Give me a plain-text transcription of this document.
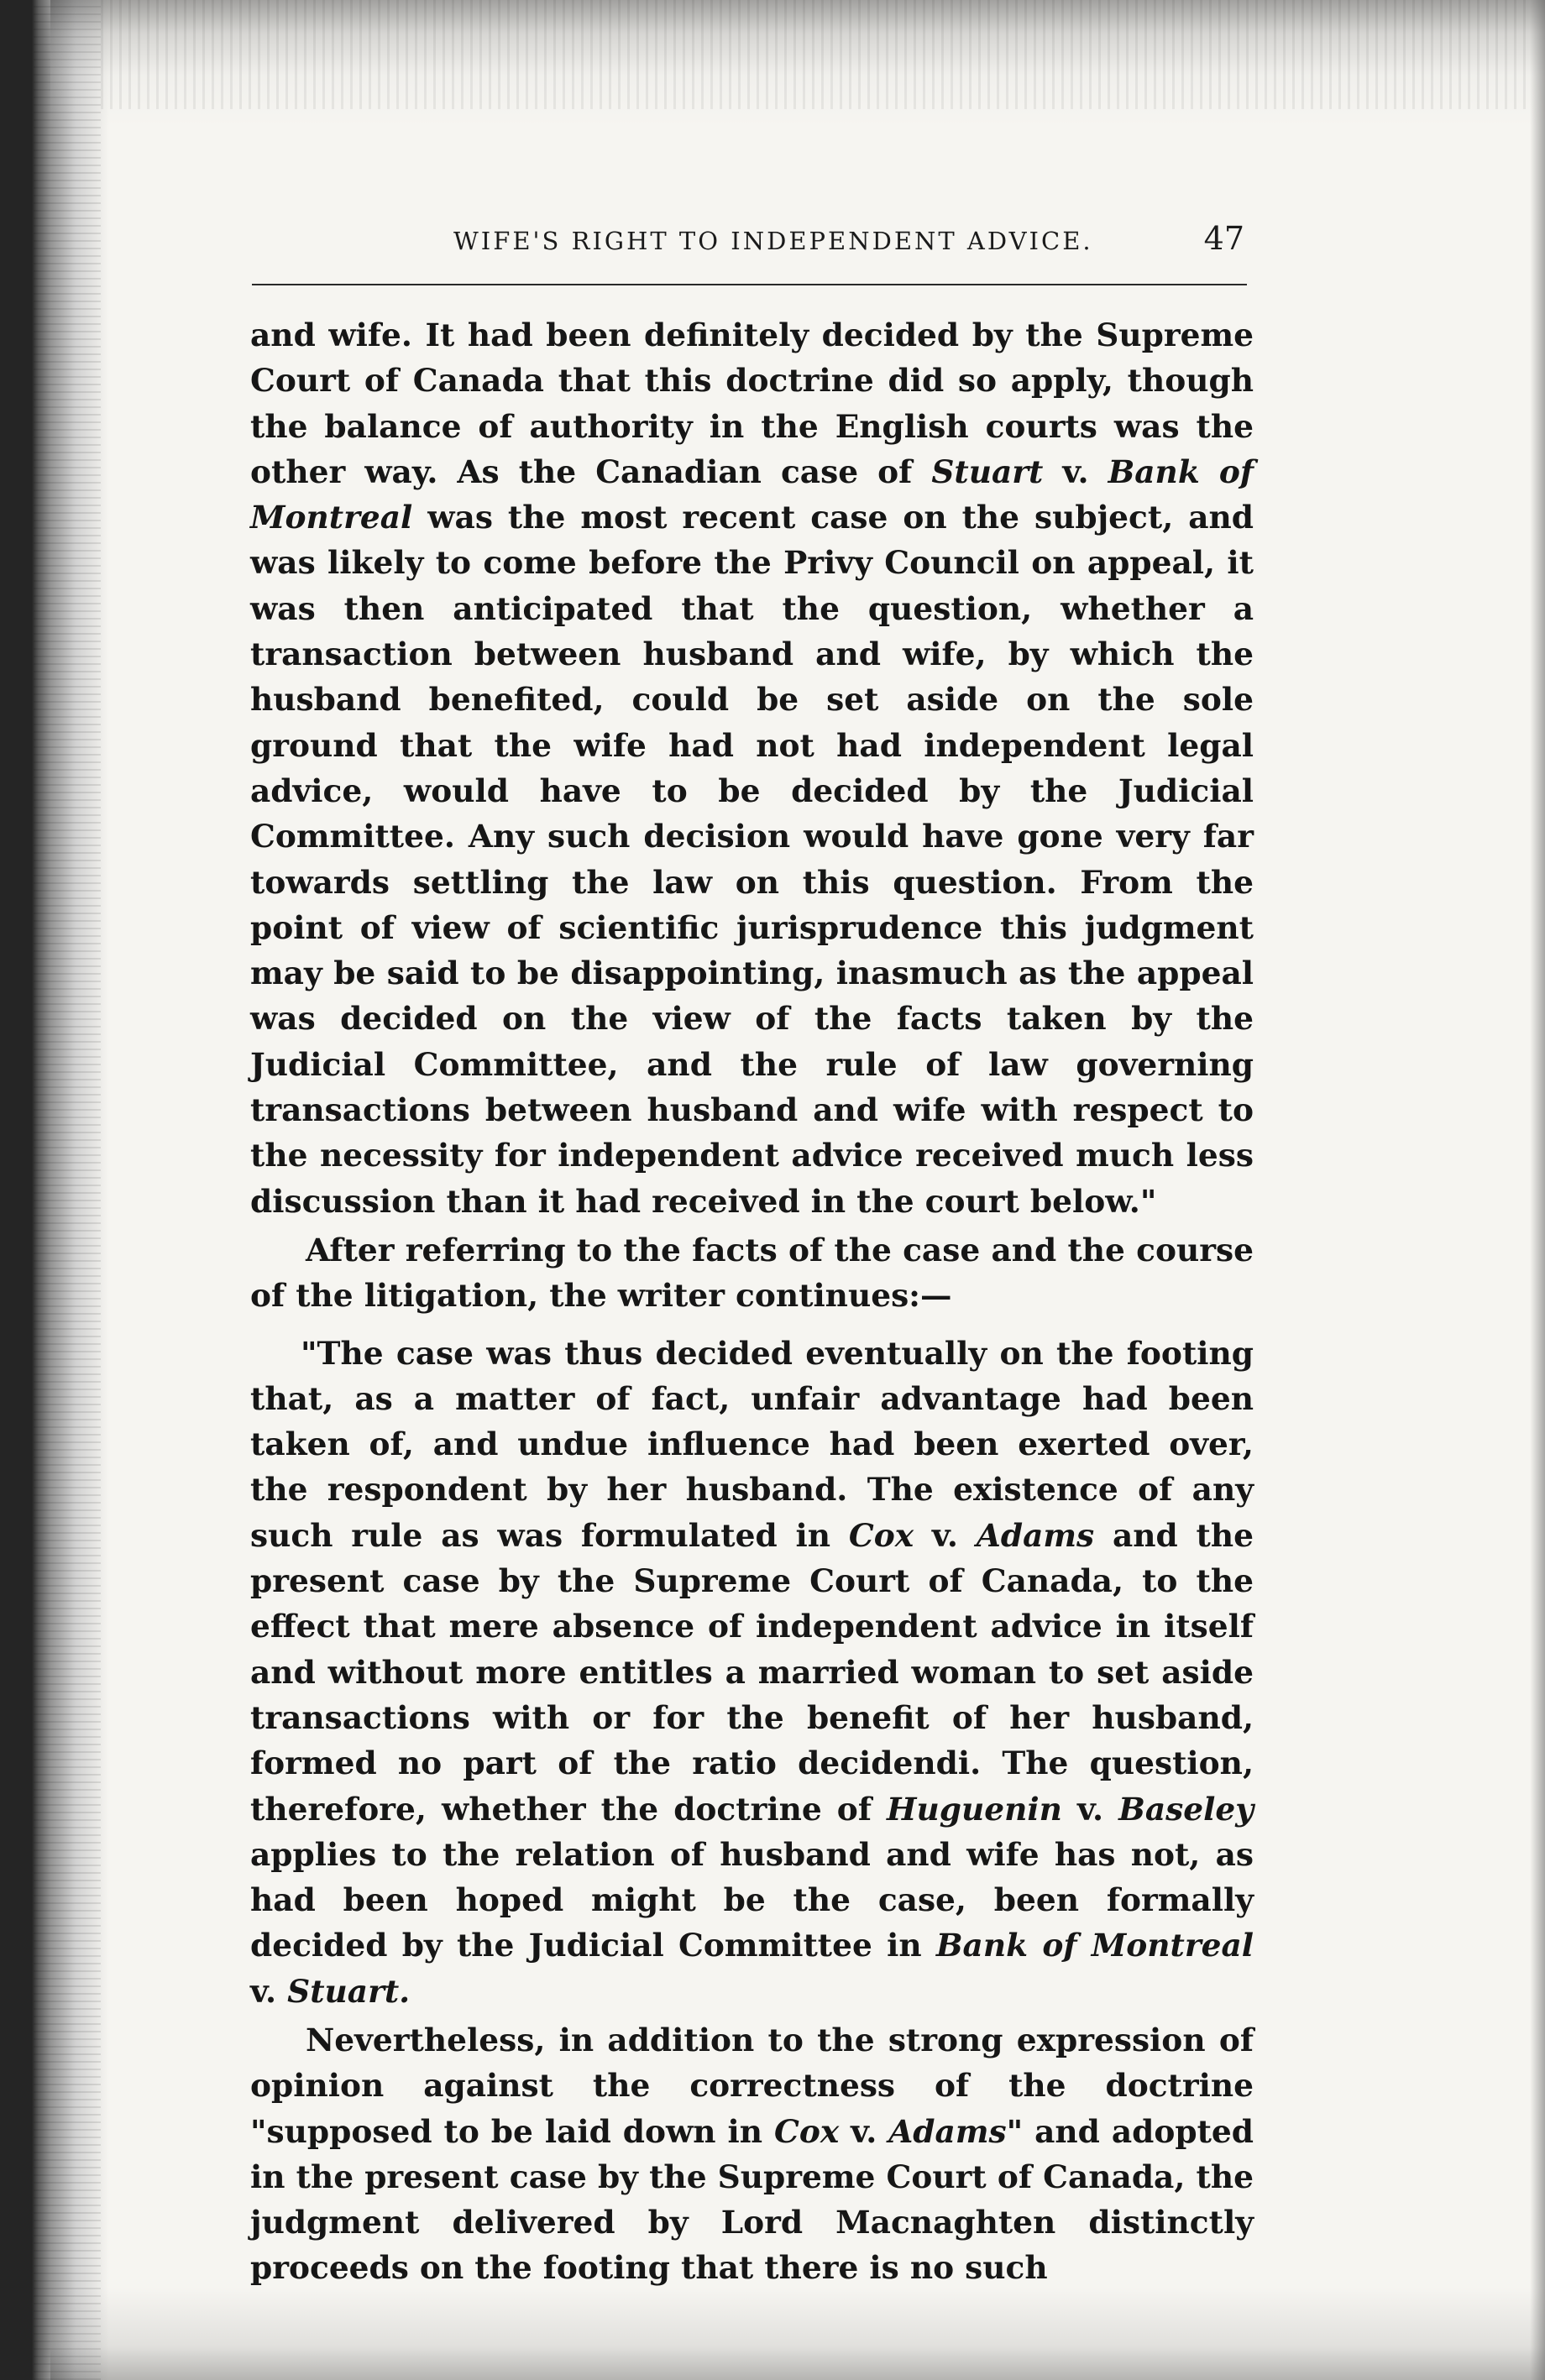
WIFE'S RIGHT TO INDEPENDENT ADVICE.	47

and wife. It had been definitely decided by the Supreme Court of Canada that this doctrine did so apply, though the balance of authority in the English courts was the other way. As the Canadian case of Stuart v. Bank of Montreal was the most recent case on the subject, and was likely to come before the Privy Council on appeal, it was then anticipated that the question, whether a transaction between husband and wife, by which the husband benefited, could be set aside on the sole ground that the wife had not had independent legal advice, would have to be decided by the Judicial Committee. Any such decision would have gone very far towards settling the law on this question. From the point of view of scientific jurisprudence this judgment may be said to be disappointing, inasmuch as the appeal was decided on the view of the facts taken by the Judicial Committee, and the rule of law governing transactions between husband and wife with respect to the necessity for independent advice received much less discussion than it had received in the court below."

After referring to the facts of the case and the course of the litigation, the writer continues:—

"The case was thus decided eventually on the footing that, as a matter of fact, unfair advantage had been taken of, and undue influence had been exerted over, the respondent by her husband. The existence of any such rule as was formulated in Cox v. Adams and the present case by the Supreme Court of Canada, to the effect that mere absence of independent advice in itself and without more entitles a married woman to set aside transactions with or for the benefit of her husband, formed no part of the ratio decidendi. The question, therefore, whether the doctrine of Huguenin v. Baseley applies to the relation of husband and wife has not, as had been hoped might be the case, been formally decided by the Judicial Committee in Bank of Montreal v. Stuart.

Nevertheless, in addition to the strong expression of opinion against the correctness of the doctrine "supposed to be laid down in Cox v. Adams" and adopted in the present case by the Supreme Court of Canada, the judgment delivered by Lord Macnaghten distinctly proceeds on the footing that there is no such
